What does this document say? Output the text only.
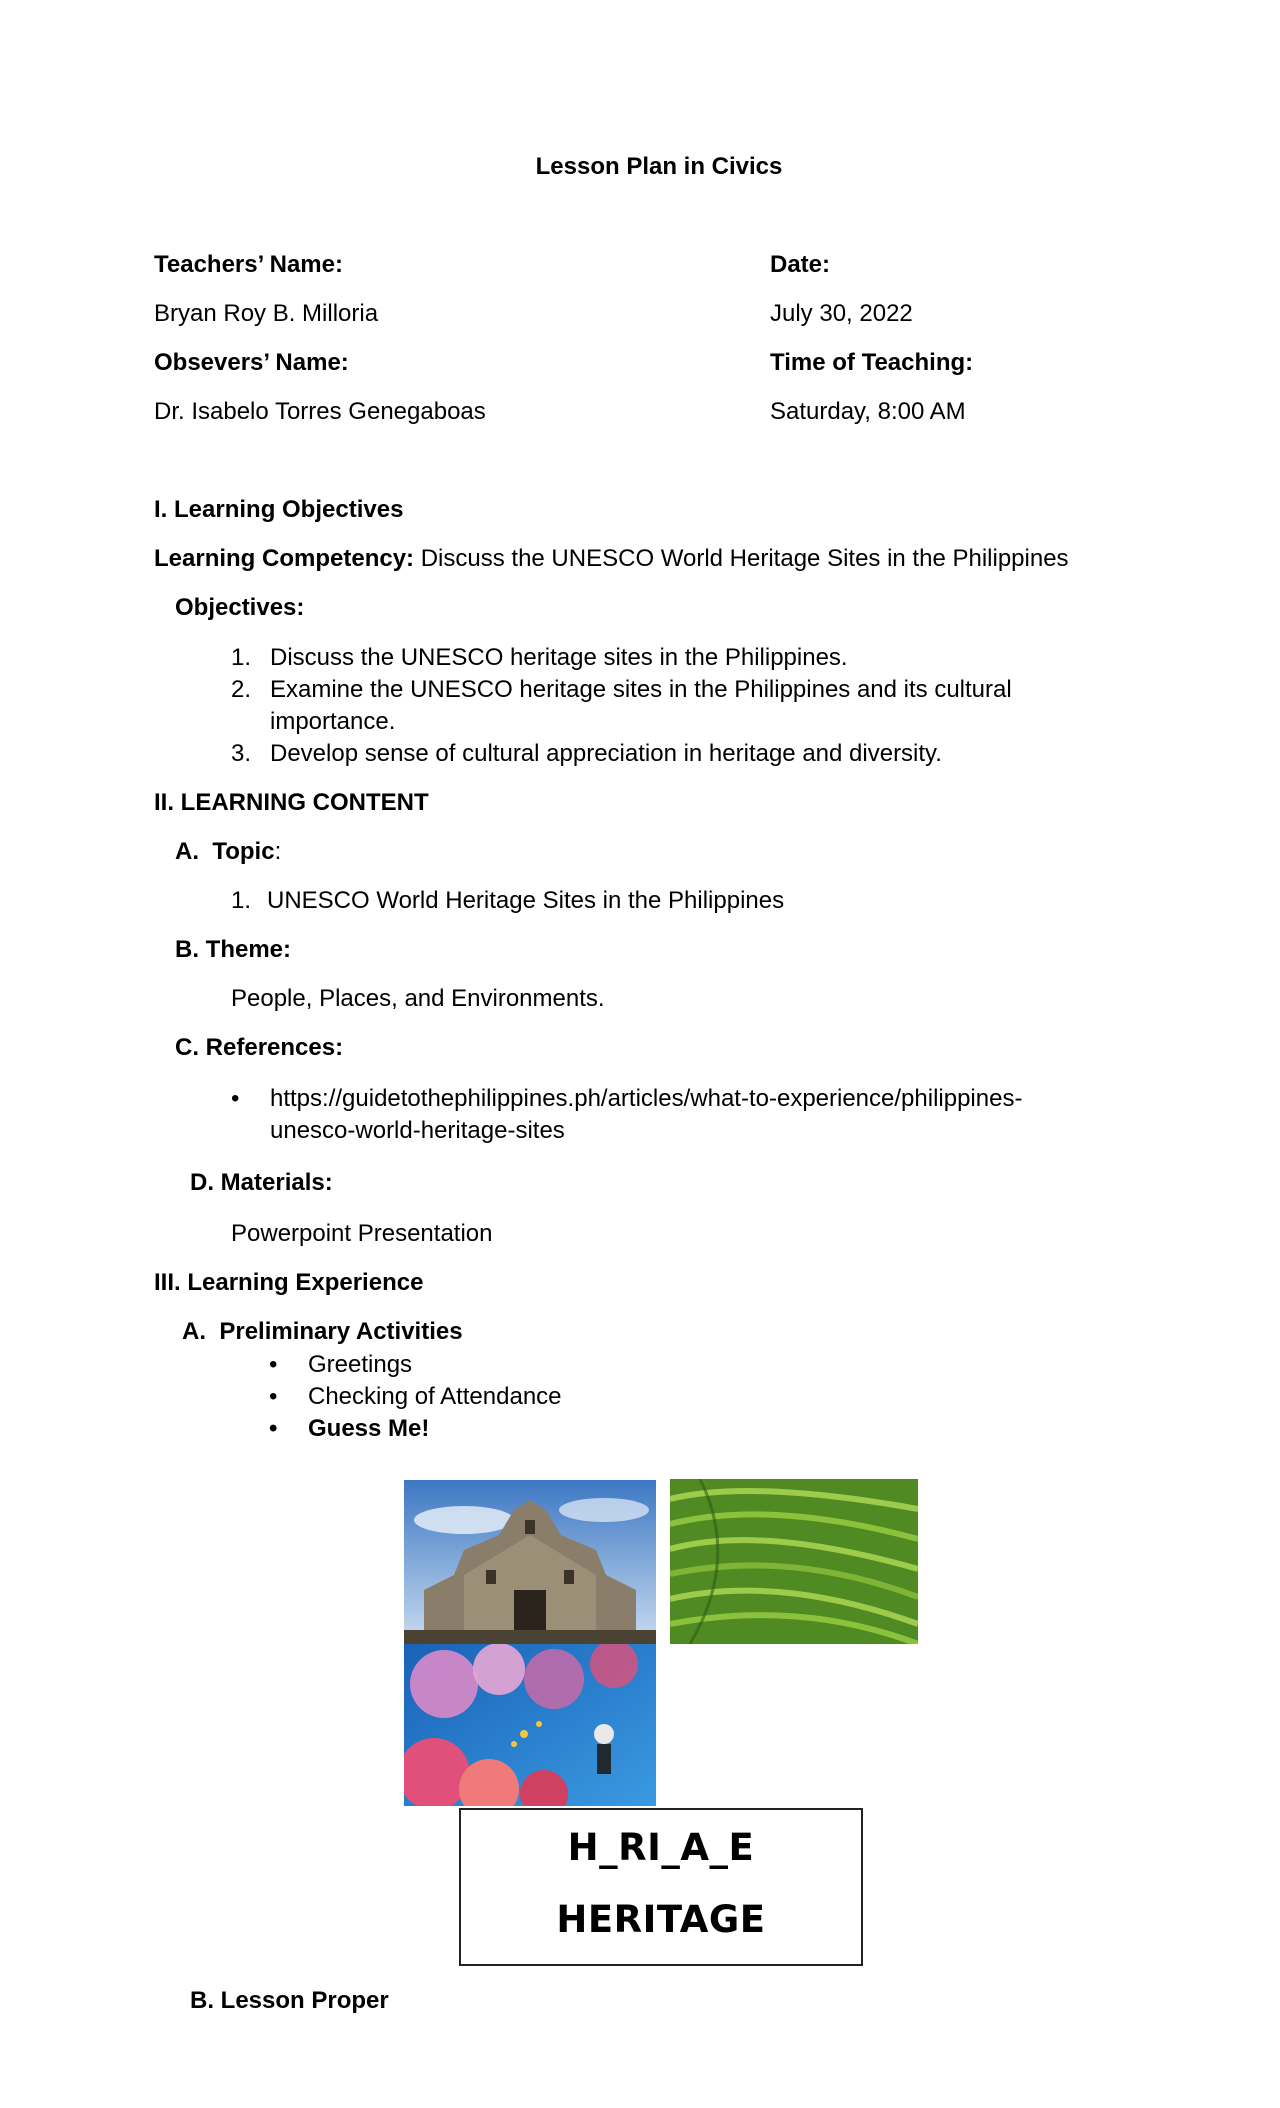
Lesson Plan in Civics
Teachers’ Name:
Bryan Roy B. Milloria
Obsevers’ Name:
Dr. Isabelo Torres Genegaboas
Date:
July 30, 2022
Time of Teaching:
Saturday, 8:00 AM
I. Learning Objectives
Learning Competency: Discuss the UNESCO World Heritage Sites in the Philippines
Objectives:
1. Discuss the UNESCO heritage sites in the Philippines.
2. Examine the UNESCO heritage sites in the Philippines and its cultural
importance.
3. Develop sense of cultural appreciation in heritage and diversity.
II. LEARNING CONTENT
A. Topic:
1. UNESCO World Heritage Sites in the Philippines
B. Theme:
People, Places, and Environments.
C. References:
• https://guidetothephilippines.ph/articles/what-to-experience/philippines-
unesco-world-heritage-sites
D. Materials:
Powerpoint Presentation
III. Learning Experience
A. Preliminary Activities
• Greetings
• Checking of Attendance
• Guess Me!
H_RI_A_E
HERITAGE
B. Lesson Proper
